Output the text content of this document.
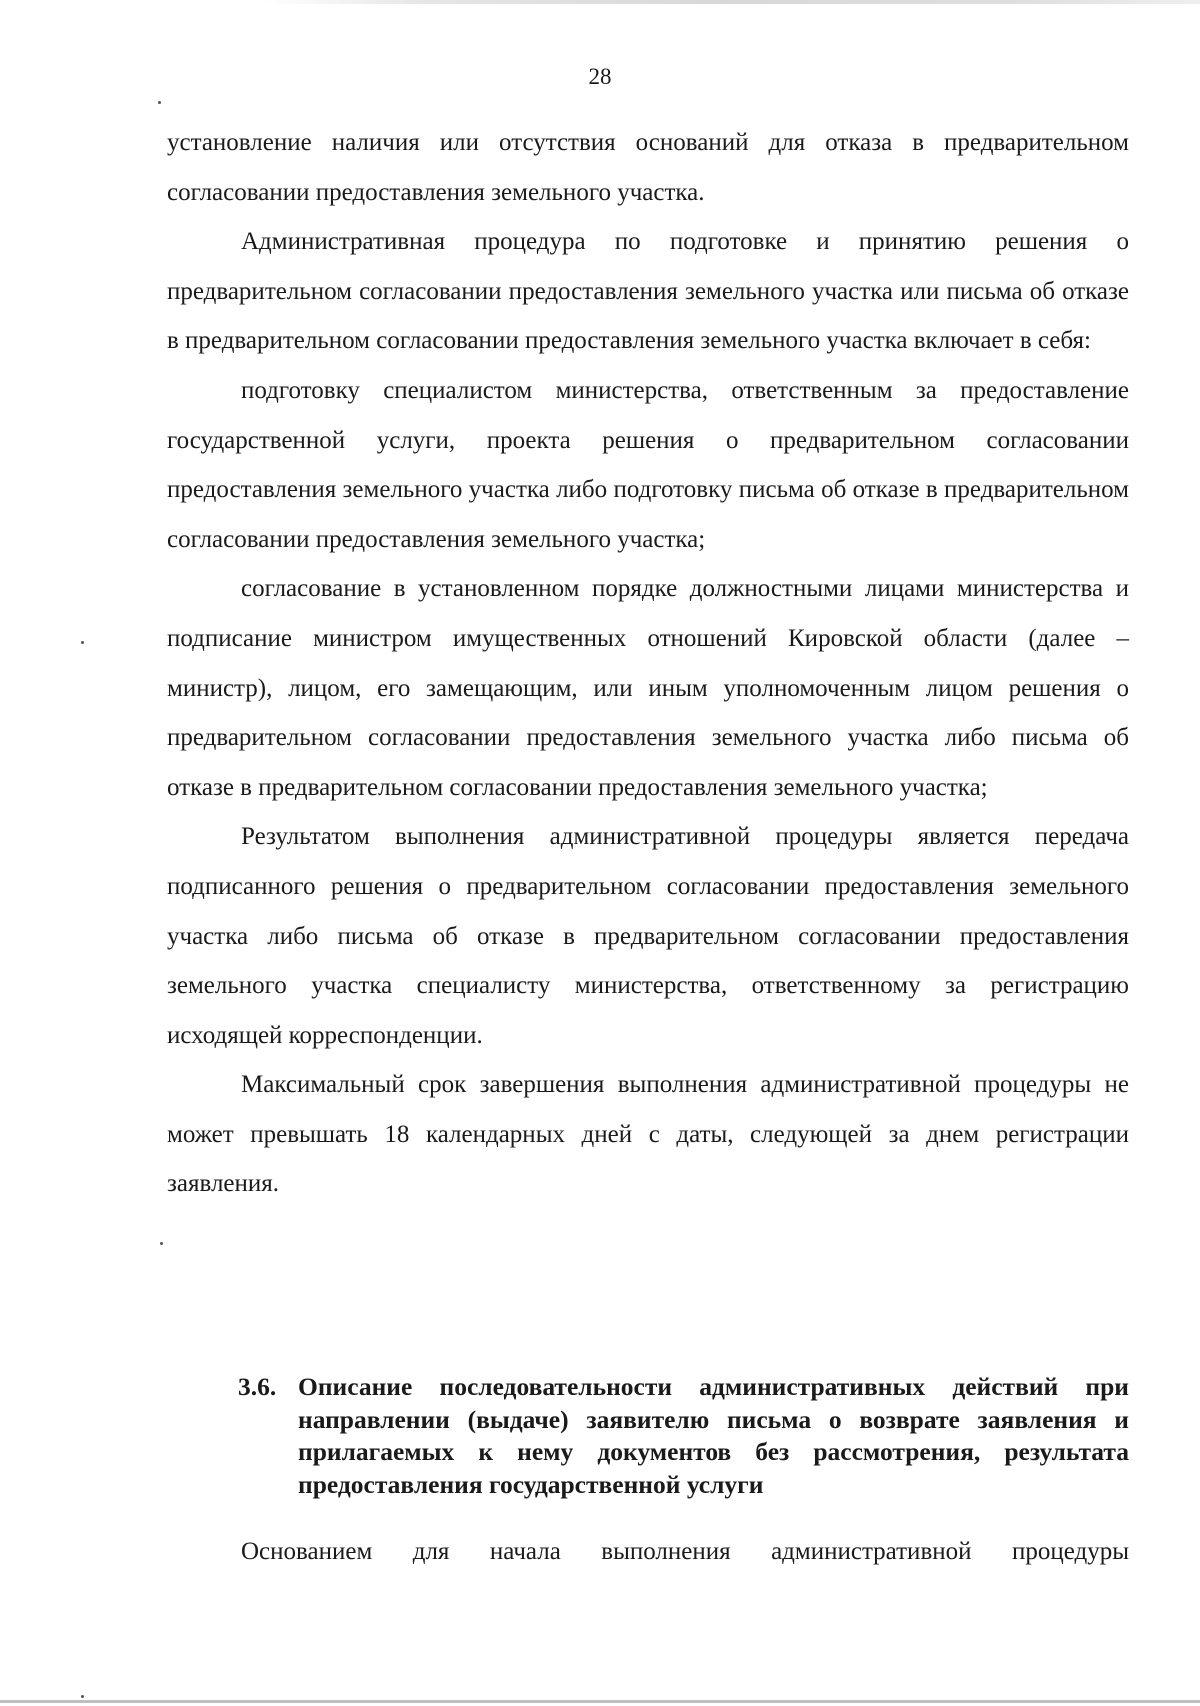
28

установление наличия или отсутствия оснований для отказа в предварительном согласовании предоставления земельного участка.

Административная процедура по подготовке и принятию решения о предварительном согласовании предоставления земельного участка или письма об отказе в предварительном согласовании предоставления земельного участка включает в себя:

подготовку специалистом министерства, ответственным за предоставление государственной услуги, проекта решения о предварительном согласовании предоставления земельного участка либо подготовку письма об отказе в предварительном согласовании предоставления земельного участка;

согласование в установленном порядке должностными лицами министерства и подписание министром имущественных отношений Кировской области (далее – министр), лицом, его замещающим, или иным уполномоченным лицом решения о предварительном согласовании предоставления земельного участка либо письма об отказе в предварительном согласовании предоставления земельного участка;

Результатом выполнения административной процедуры является передача подписанного решения о предварительном согласовании предоставления земельного участка либо письма об отказе в предварительном согласовании предоставления земельного участка специалисту министерства, ответственному за регистрацию исходящей корреспонденции.

Максимальный срок завершения выполнения административной процедуры не может превышать 18 календарных дней с даты, следующей за днем регистрации заявления.

3.6. Описание последовательности административных действий при направлении (выдаче) заявителю письма о возврате заявления и прилагаемых к нему документов без рассмотрения, результата предоставления государственной услуги

Основанием для начала выполнения административной процедуры
